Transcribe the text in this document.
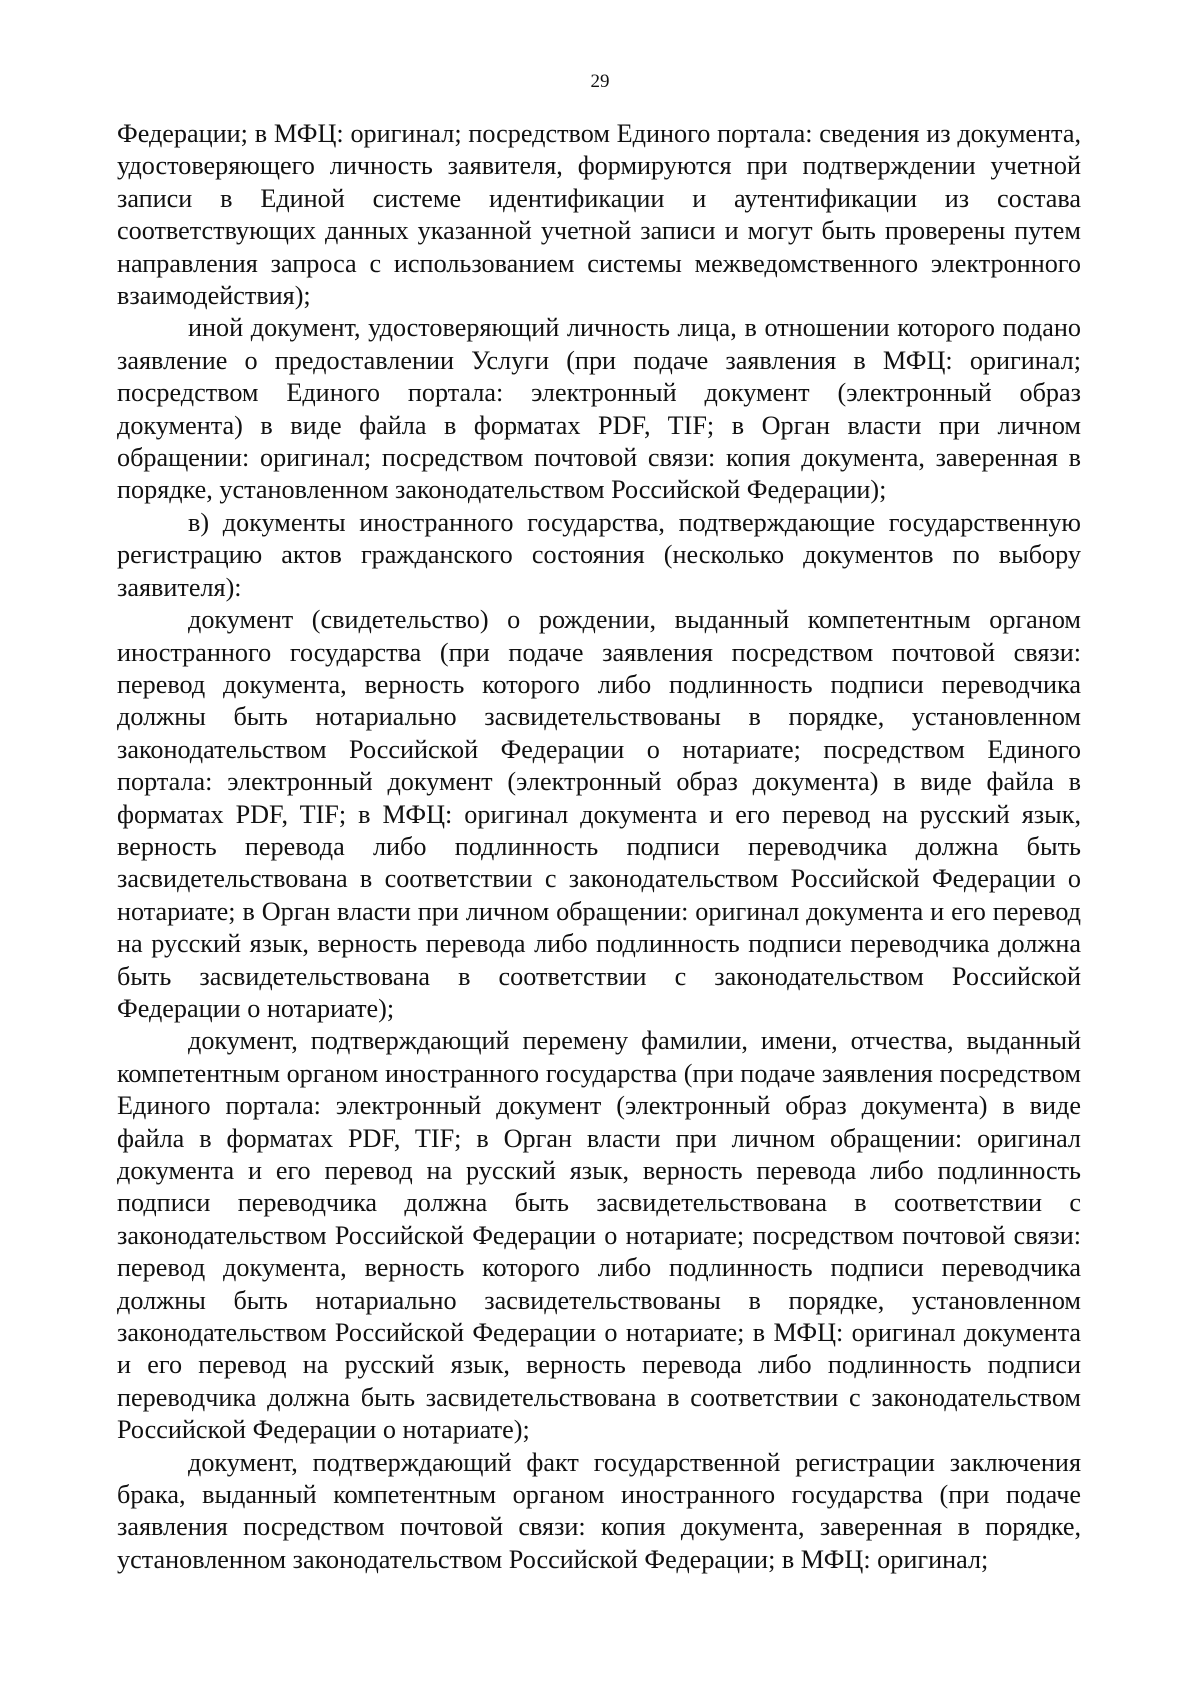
29

Федерации; в МФЦ: оригинал; посредством Единого портала: сведения из документа, удостоверяющего личность заявителя, формируются при подтверждении учетной записи в Единой системе идентификации и аутентификации из состава соответствующих данных указанной учетной записи и могут быть проверены путем направления запроса с использованием системы межведомственного электронного взаимодействия);

иной документ, удостоверяющий личность лица, в отношении которого подано заявление о предоставлении Услуги (при подаче заявления в МФЦ: оригинал; посредством Единого портала: электронный документ (электронный образ документа) в виде файла в форматах PDF, TIF; в Орган власти при личном обращении: оригинал; посредством почтовой связи: копия документа, заверенная в порядке, установленном законодательством Российской Федерации);

в) документы иностранного государства, подтверждающие государственную регистрацию актов гражданского состояния (несколько документов по выбору заявителя):

документ (свидетельство) о рождении, выданный компетентным органом иностранного государства (при подаче заявления посредством почтовой связи: перевод документа, верность которого либо подлинность подписи переводчика должны быть нотариально засвидетельствованы в порядке, установленном законодательством Российской Федерации о нотариате; посредством Единого портала: электронный документ (электронный образ документа) в виде файла в форматах PDF, TIF; в МФЦ: оригинал документа и его перевод на русский язык, верность перевода либо подлинность подписи переводчика должна быть засвидетельствована в соответствии с законодательством Российской Федерации о нотариате; в Орган власти при личном обращении: оригинал документа и его перевод на русский язык, верность перевода либо подлинность подписи переводчика должна быть засвидетельствована в соответствии с законодательством Российской Федерации о нотариате);

документ, подтверждающий перемену фамилии, имени, отчества, выданный компетентным органом иностранного государства (при подаче заявления посредством Единого портала: электронный документ (электронный образ документа) в виде файла в форматах PDF, TIF; в Орган власти при личном обращении: оригинал документа и его перевод на русский язык, верность перевода либо подлинность подписи переводчика должна быть засвидетельствована в соответствии с законодательством Российской Федерации о нотариате; посредством почтовой связи: перевод документа, верность которого либо подлинность подписи переводчика должны быть нотариально засвидетельствованы в порядке, установленном законодательством Российской Федерации о нотариате; в МФЦ: оригинал документа и его перевод на русский язык, верность перевода либо подлинность подписи переводчика должна быть засвидетельствована в соответствии с законодательством Российской Федерации о нотариате);

документ, подтверждающий факт государственной регистрации заключения брака, выданный компетентным органом иностранного государства (при подаче заявления посредством почтовой связи: копия документа, заверенная в порядке, установленном законодательством Российской Федерации; в МФЦ: оригинал;
